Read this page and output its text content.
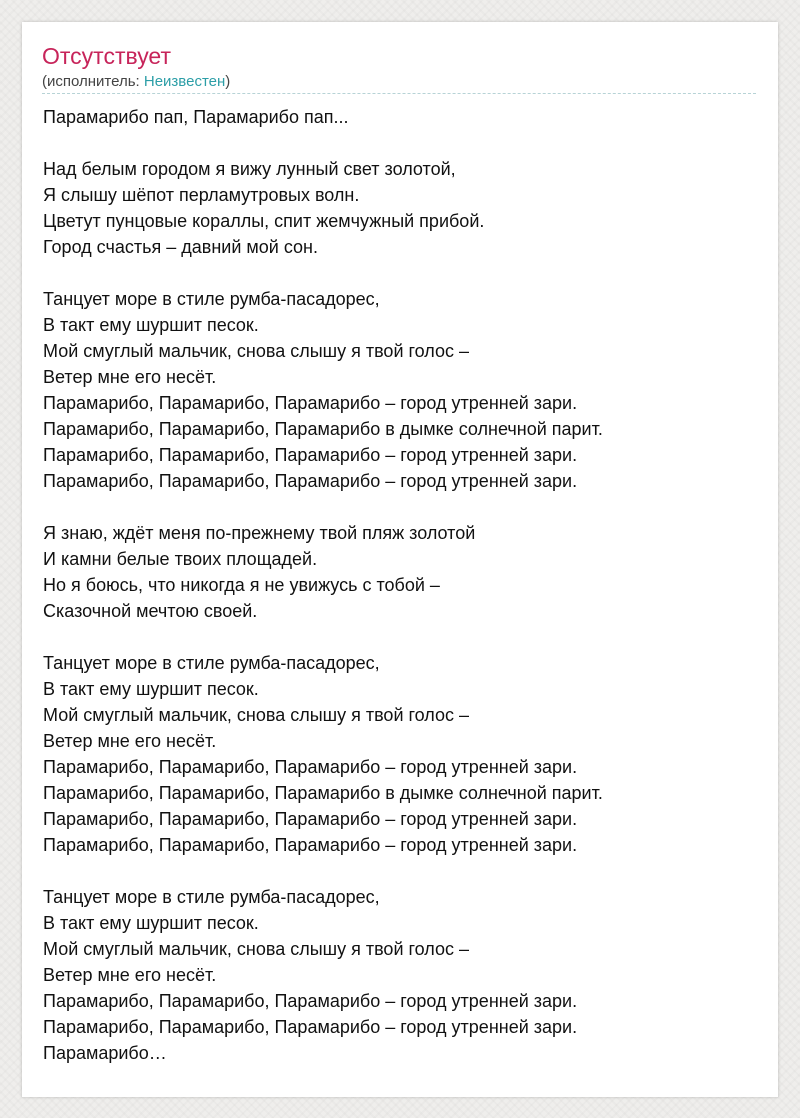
Отсутствует
(исполнитель: Неизвестен)
Парамарибо пап, Парамарибо пап...
Над белым городом я вижу лунный свет золотой,
Я слышу шёпот перламутровых волн.
Цветут пунцовые кораллы, спит жемчужный прибой.
Город счастья – давний мой сон.
Танцует море в стиле румба-пасадорес,
В такт ему шуршит песок.
Мой смуглый мальчик, снова слышу я твой голос –
Ветер мне его несёт.
Парамарибо, Парамарибо, Парамарибо – город утренней зари.
Парамарибо, Парамарибо, Парамарибо в дымке солнечной парит.
Парамарибо, Парамарибо, Парамарибо – город утренней зари.
Парамарибо, Парамарибо, Парамарибо – город утренней зари.
Я знаю, ждёт меня по-прежнему твой пляж золотой
И камни белые твоих площадей.
Но я боюсь, что никогда я не увижусь с тобой –
Сказочной мечтою своей.
Танцует море в стиле румба-пасадорес,
В такт ему шуршит песок.
Мой смуглый мальчик, снова слышу я твой голос –
Ветер мне его несёт.
Парамарибо, Парамарибо, Парамарибо – город утренней зари.
Парамарибо, Парамарибо, Парамарибо в дымке солнечной парит.
Парамарибо, Парамарибо, Парамарибо – город утренней зари.
Парамарибо, Парамарибо, Парамарибо – город утренней зари.
Танцует море в стиле румба-пасадорес,
В такт ему шуршит песок.
Мой смуглый мальчик, снова слышу я твой голос –
Ветер мне его несёт.
Парамарибо, Парамарибо, Парамарибо – город утренней зари.
Парамарибо, Парамарибо, Парамарибо – город утренней зари.
Парамарибо…
